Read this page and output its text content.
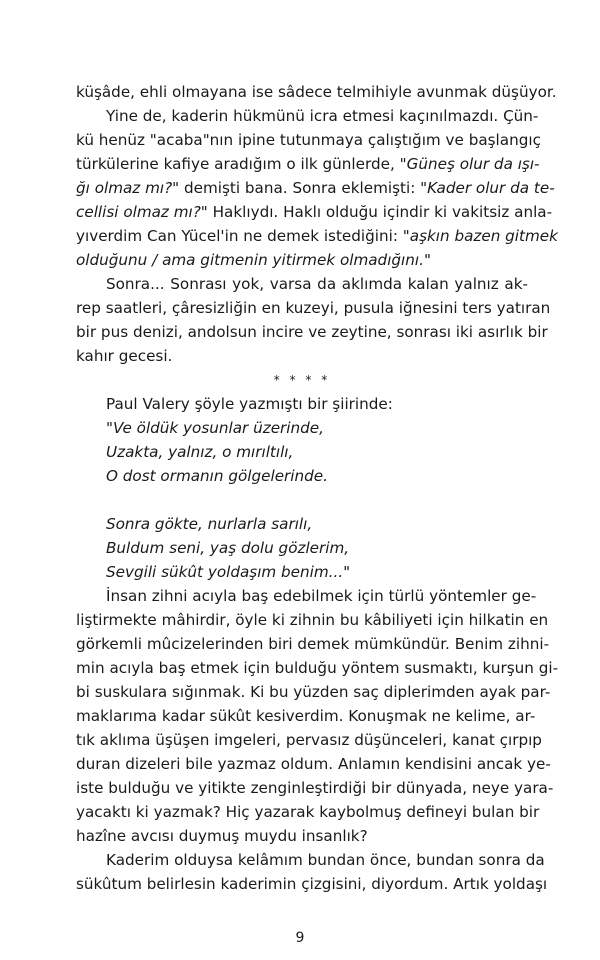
küşâde, ehli olmayana ise sâdece telmihiyle avunmak düşüyor.
Yine de, kaderin hükmünü icra etmesi kaçınılmazdı. Çün-
kü henüz "acaba"nın ipine tutunmaya çalıştığım ve başlangıç
türkülerine kafiye aradığım o ilk günlerde, "Güneş olur da ışı-
ğı olmaz mı?" demişti bana. Sonra eklemişti: "Kader olur da te-
cellisi olmaz mı?" Haklıydı. Haklı olduğu içindir ki vakitsiz anla-
yıverdim Can Yücel'in ne demek istediğini: "aşkın bazen gitmek
olduğunu / ama gitmenin yitirmek olmadığını."
Sonra... Sonrası yok, varsa da aklımda kalan yalnız ak-
rep saatleri, çâresizliğin en kuzeyi, pusula iğnesini ters yatıran
bir pus denizi, andolsun incire ve zeytine, sonrası iki asırlık bir
kahır gecesi.
* * * *
Paul Valery şöyle yazmıştı bir şiirinde:
"Ve öldük yosunlar üzerinde,
Uzakta, yalnız, o mırıltılı,
O dost ormanın gölgelerinde.

Sonra gökte, nurlarla sarılı,
Buldum seni, yaş dolu gözlerim,
Sevgili sükût yoldaşım benim..."
İnsan zihni acıyla baş edebilmek için türlü yöntemler ge-
liştirmekte mâhirdir, öyle ki zihnin bu kâbiliyeti için hilkatin en
görkemli mûcizelerinden biri demek mümkündür. Benim zihni-
min acıyla baş etmek için bulduğu yöntem susmaktı, kurşun gi-
bi suskulara sığınmak. Ki bu yüzden saç diplerimden ayak par-
maklarıma kadar sükût kesiverdim. Konuşmak ne kelime, ar-
tık aklıma üşüşen imgeleri, pervasız düşünceleri, kanat çırpıp
duran dizeleri bile yazmaz oldum. Anlamın kendisini ancak ye-
iste bulduğu ve yitikte zenginleştirdiği bir dünyada, neye yara-
yacaktı ki yazmak? Hiç yazarak kaybolmuş defineyi bulan bir
hazîne avcısı duymuş muydu insanlık?
Kaderim olduysa kelâmım bundan önce, bundan sonra da
sükûtum belirlesin kaderimin çizgisini, diyordum. Artık yoldaşı
9
